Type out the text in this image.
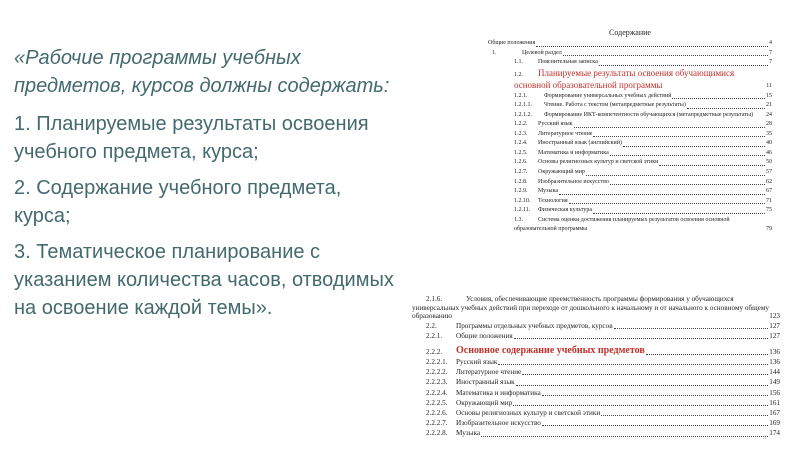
«Рабочие программы учебных предметов, курсов должны содержать:

1. Планируемые результаты освоения учебного предмета, курса;

2. Содержание учебного предмета, курса;

3. Тематическое планирование с указанием количества часов, отводимых на освоение каждой темы».

Содержание
Общие положения	4
1.	Целевой раздел	7
1.1.	Пояснительная записка	7
1.2. Планируемые результаты освоения обучающимися основной образовательной программы	11
1.2.1.	Формирование универсальных учебных действий	15
1.2.1.1.	Чтение. Работа с текстом (метапредметные результаты)	21
1.2.1.2. Формирование ИКТ-компетентности обучающихся (метапредметные результаты) 24
1.2.2.	Русский язык	28
1.2.3.	Литературное чтение	35
1.2.4.	Иностранный язык (английский)	40
1.2.5.	Математика и информатика	46
1.2.6.	Основы религиозных культур и светской этики	50
1.2.7.	Окружающий мир	57
1.2.8.	Изобразительное искусство	62
1.2.9.	Музыка	67
1.2.10.	Технология	71
1.2.11.	Физическая культура	75
1.3.	Система оценки достижения планируемых результатов освоения основной образовательной программы	79
2.1.6.	Условия, обеспечивающие преемственность программы формирования у обучающихся универсальных учебных действий при переходе от дошкольного к начальному и от начального к основному общему образованию	123
2.2.	Программы отдельных учебных предметов, курсов	127
2.2.1.	Общие положения	127
2.2.2.	Основное содержание учебных предметов	136
2.2.2.1.	Русский язык	136
2.2.2.2.	Литературное чтение	144
2.2.2.3.	Иностранный язык	149
2.2.2.4.	Математика и информатика	156
2.2.2.5.	Окружающий мир	161
2.2.2.6.	Основы религиозных культур и светской этики	167
2.2.2.7.	Изобразительное искусство	169
2.2.2.8.	Музыка	174
3
